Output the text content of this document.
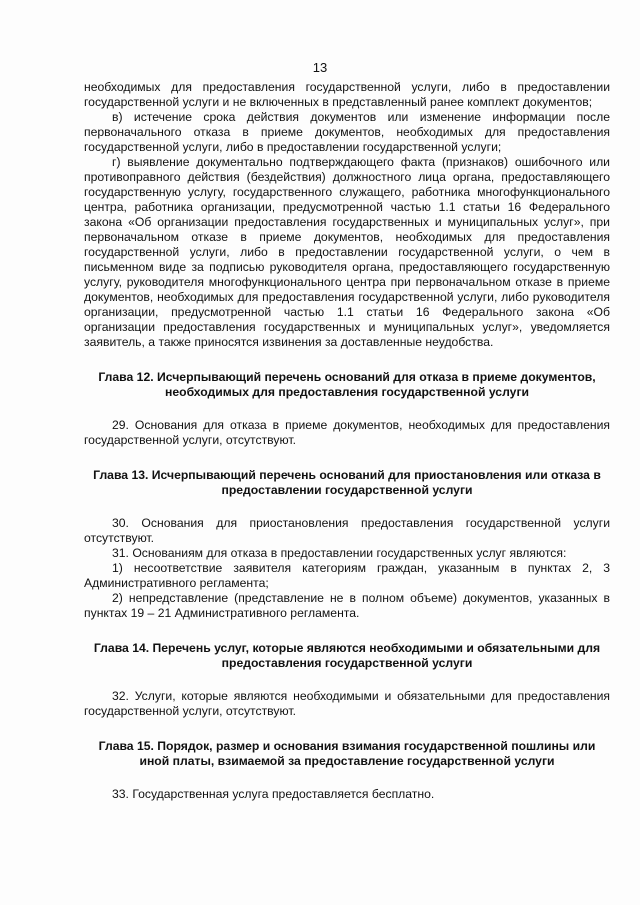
13
необходимых для предоставления государственной услуги, либо в предоставлении государственной услуги и не включенных в представленный ранее комплект документов;
в) истечение срока действия документов или изменение информации после первоначального отказа в приеме документов, необходимых для предоставления государственной услуги, либо в предоставлении государственной услуги;
г) выявление документально подтверждающего факта (признаков) ошибочного или противоправного действия (бездействия) должностного лица органа, предоставляющего государственную услугу, государственного служащего, работника многофункционального центра, работника организации, предусмотренной частью 1.1 статьи 16 Федерального закона «Об организации предоставления государственных и муниципальных услуг», при первоначальном отказе в приеме документов, необходимых для предоставления государственной услуги, либо в предоставлении государственной услуги, о чем в письменном виде за подписью руководителя органа, предоставляющего государственную услугу, руководителя многофункционального центра при первоначальном отказе в приеме документов, необходимых для предоставления государственной услуги, либо руководителя организации, предусмотренной частью 1.1 статьи 16 Федерального закона «Об организации предоставления государственных и муниципальных услуг», уведомляется заявитель, а также приносятся извинения за доставленные неудобства.
Глава 12. Исчерпывающий перечень оснований для отказа в приеме документов, необходимых для предоставления государственной услуги
29. Основания для отказа в приеме документов, необходимых для предоставления государственной услуги, отсутствуют.
Глава 13. Исчерпывающий перечень оснований для приостановления или отказа в предоставлении государственной услуги
30. Основания для приостановления предоставления государственной услуги отсутствуют.
31. Основаниям для отказа в предоставлении государственных услуг являются:
1) несоответствие заявителя категориям граждан, указанным в пунктах 2, 3 Административного регламента;
2) непредставление (представление не в полном объеме) документов, указанных в пунктах 19 – 21 Административного регламента.
Глава 14. Перечень услуг, которые являются необходимыми и обязательными для предоставления государственной услуги
32. Услуги, которые являются необходимыми и обязательными для предоставления государственной услуги, отсутствуют.
Глава 15. Порядок, размер и основания взимания государственной пошлины или иной платы, взимаемой за предоставление государственной услуги
33. Государственная услуга предоставляется бесплатно.
